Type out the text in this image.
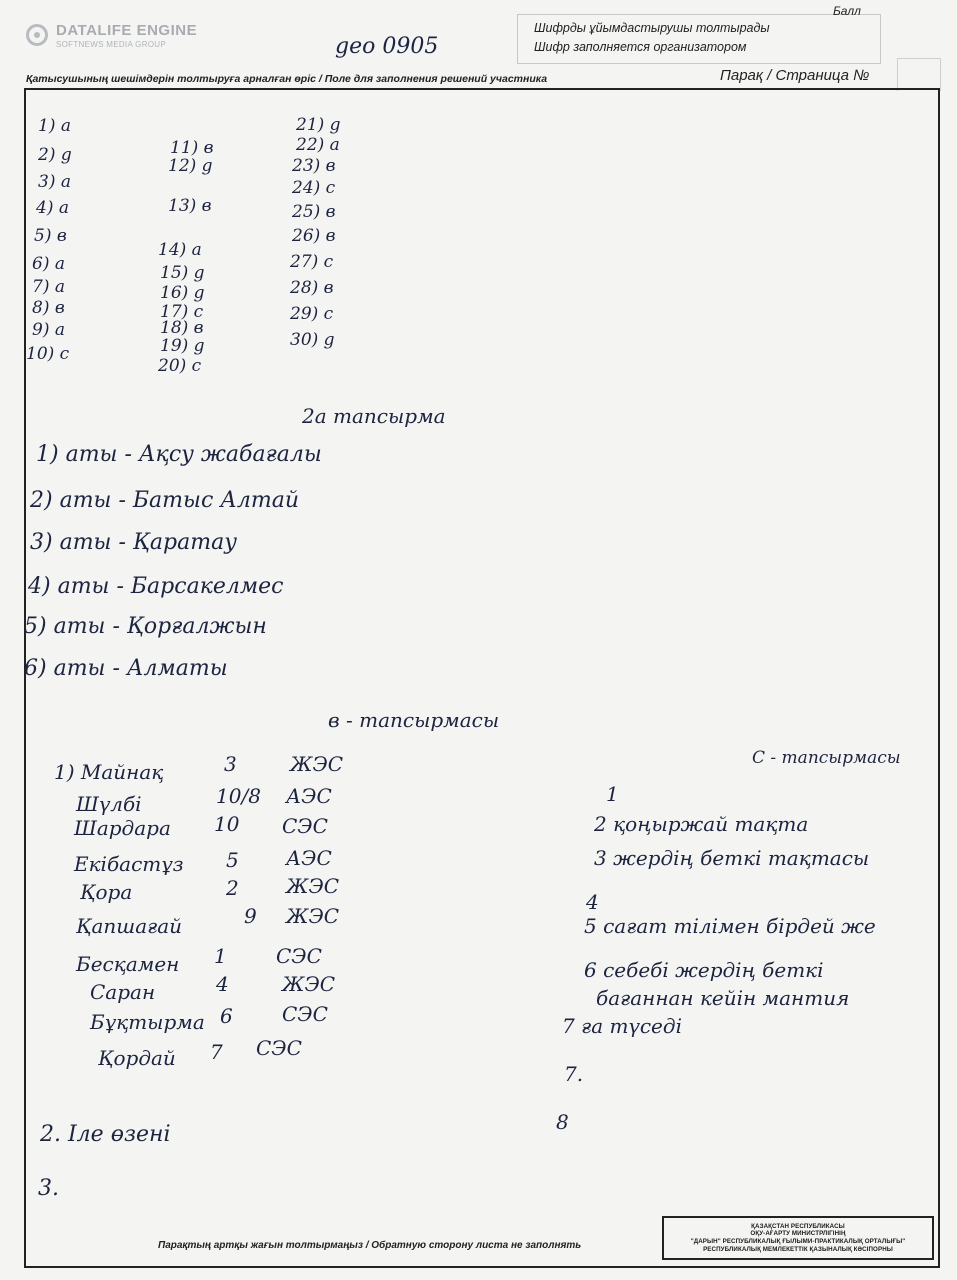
DATALIFE ENGINE
SOFTNEWS MEDIA GROUP	geo 0905
Шифрды ұйымдастырушы толтырады
Шифр заполняется организатором
Балл
Қатысушының шешімдерін толтыруға арналған өріс / Поле для заполнения решений участника	Парақ / Страница №
1) a
2) g
3) a
4) a
5) в
6) a
7) a
8) в
9) a
10) c
11) в
12) g
13) в
14) a
15) g
16) g
17) c
18) в
19) g
20) c
21) g
22) a
23) в
24) c
25) в
26) в
27) c
28) в
29) c
30) g
2а тапсырма
1) аты - Ақсу жабағалы
2) аты - Батыс Алтай
3) аты - Қаратау
4) аты - Барсакелмес
5) аты - Қорғалжын
6) аты - Алматы
в - тапсырмасы
1) Майнақ	3	ЖЭС
Шүлбі	10/8 АЭС
Шардара 10 СЭС
Екібастұз 5 АЭС
Қора	2 ЖЭС
Қапшағай	9 ЖЭС
Бесқамен 1 СЭС
Саран	4	ЖЭС
Бұқтырма 6 СЭС
Қордай 7 СЭС
2. Іле өзені
3.
С - тапсырмасы
1
2 қоңыржай тақта
3 жердің беткі тақтасы
4
5 сағат тілімен бірдей же
6 себебі жердің беткі
бағаннан кейін мантия
7 ға түседі
7.
8
Парақтың артқы жағын толтырмаңыз / Обратную сторону листа не заполнять
ҚАЗАҚСТАН РЕСПУБЛИКАСЫ
ОҚУ-АҒАРТУ МИНИСТРЛІГІНІҢ
"ДАРЫН" РЕСПУБЛИКАЛЫҚ ҒЫЛЫМИ-ПРАКТИКАЛЫҚ ОРТАЛЫҒЫ"
РЕСПУБЛИКАЛЫҚ МЕМЛЕКЕТТІК ҚАЗЫНАЛЫҚ КӘСІПОРНЫ
